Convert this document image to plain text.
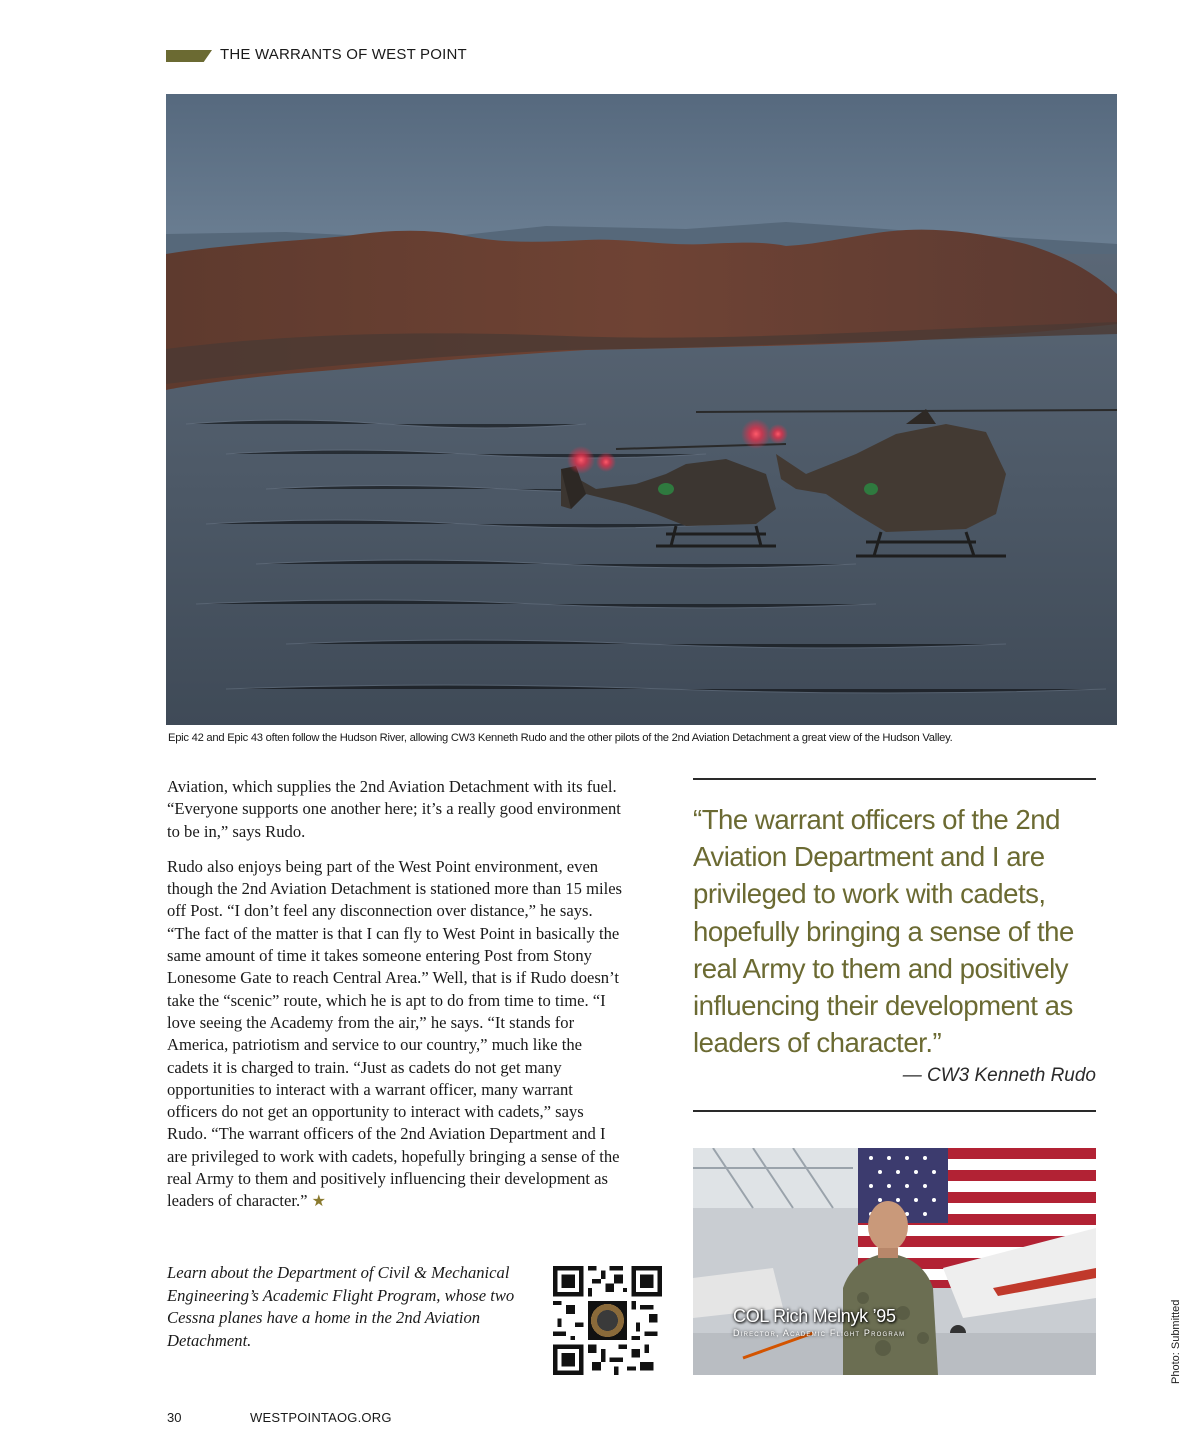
THE WARRANTS OF WEST POINT
Epic 42 and Epic 43 often follow the Hudson River, allowing CW3 Kenneth Rudo and the other pilots of the 2nd Aviation Detachment a great view of the Hudson Valley.

Aviation, which supplies the 2nd Aviation Detachment with its fuel. “Everyone supports one another here; it’s a really good environment to be in,” says Rudo.

Rudo also enjoys being part of the West Point environment, even though the 2nd Aviation Detachment is stationed more than 15 miles off Post. “I don’t feel any disconnection over distance,” he says. “The fact of the matter is that I can fly to West Point in basically the same amount of time it takes someone entering Post from Stony Lonesome Gate to reach Central Area.” Well, that is if Rudo doesn’t take the “scenic” route, which he is apt to do from time to time. “I love seeing the Academy from the air,” he says. “It stands for America, patriotism and service to our country,” much like the cadets it is charged to train. “Just as cadets do not get many opportunities to interact with a warrant officer, many warrant officers do not get an opportunity to interact with cadets,” says Rudo. “The warrant officers of the 2nd Aviation Department and I are privileged to work with cadets, hopefully bringing a sense of the real Army to them and positively influencing their development as leaders of character.” ★

Learn about the Department of Civil & Mechanical Engineering’s Academic Flight Program, whose two Cessna planes have a home in the 2nd Aviation Detachment.
“The warrant officers of the 2nd Aviation Department and I are privileged to work with cadets, hopefully bringing a sense of the real Army to them and positively influencing their development as leaders of character.”
— CW3 Kenneth Rudo
COL Rich Melnyk ’95
Director, Academic Flight Program	Photo: Submitted
30	WESTPOINTAOG.ORG
